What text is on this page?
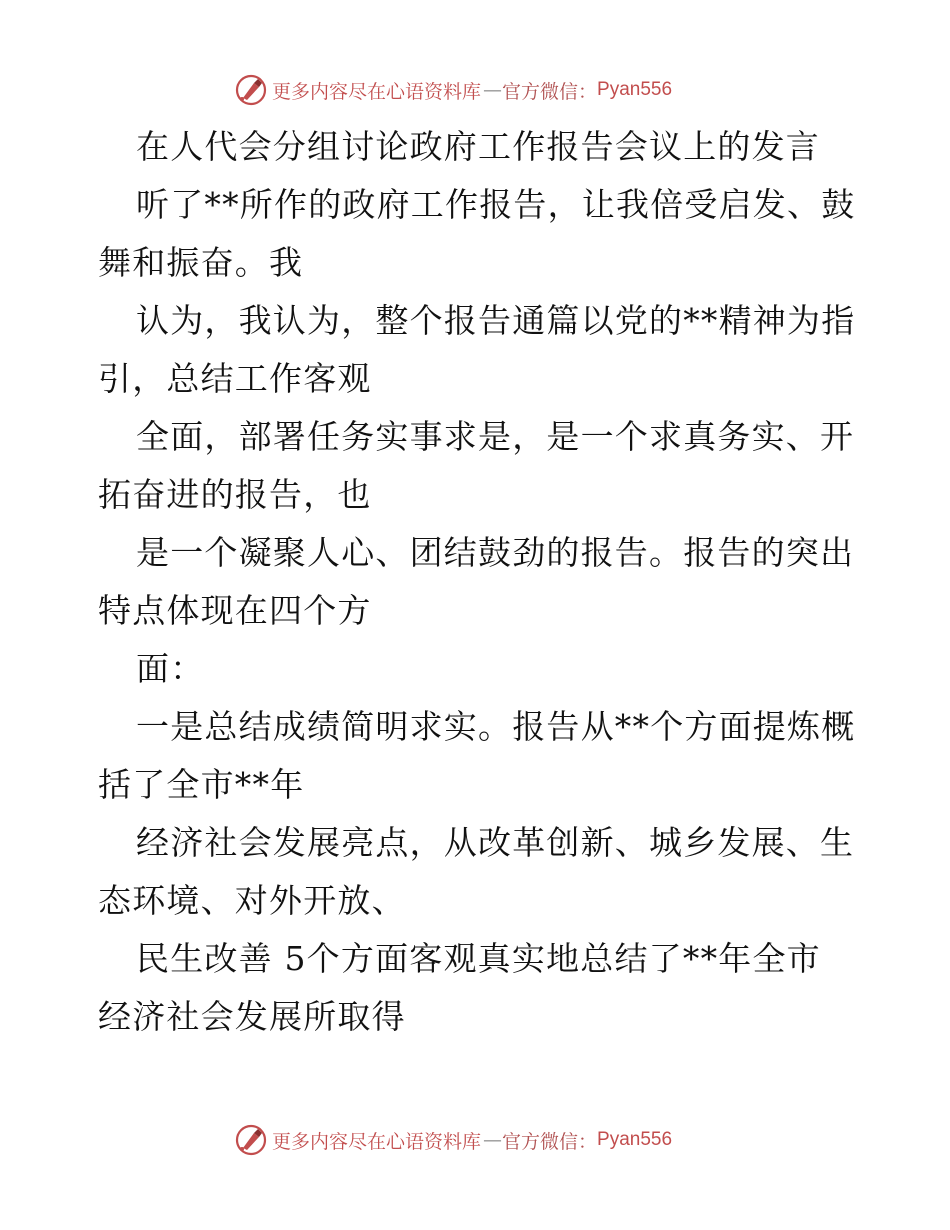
更多内容尽在心语资料库 — 官方微信： Pyan556
在人代会分组讨论政府工作报告会议上的发言
听了**所作的政府工作报告，让我倍受启发、鼓
舞和振奋。我
认为，我认为，整个报告通篇以党的**精神为指
引，总结工作客观
全面，部署任务实事求是，是一个求真务实、开
拓奋进的报告，也
是一个凝聚人心、团结鼓劲的报告。报告的突出
特点体现在四个方
面：
一是总结成绩简明求实。报告从**个方面提炼概
括了全市**年
经济社会发展亮点，从改革创新、城乡发展、生
态环境、对外开放、
民生改善 5个方面客观真实地总结了**年全市
经济社会发展所取得
更多内容尽在心语资料库 — 官方微信： Pyan556
